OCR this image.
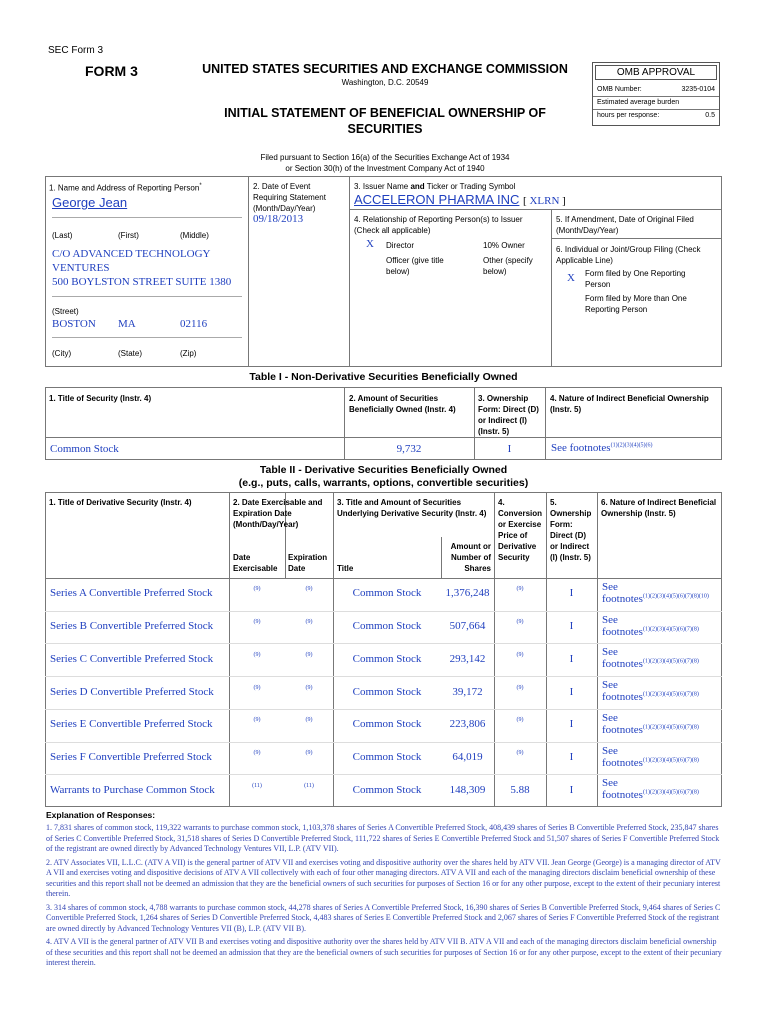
SEC Form 3
FORM 3	UNITED STATES SECURITIES AND EXCHANGE COMMISSION
Washington, D.C. 20549
INITIAL STATEMENT OF BENEFICIAL OWNERSHIP OF
SECURITIES
OMB APPROVAL
OMB Number:	3235-0104
Estimated average burden
hours per response:	0.5
Filed pursuant to Section 16(a) of the Securities Exchange Act of 1934
or Section 30(h) of the Investment Company Act of 1940
1. Name and Address of Reporting Person*
George Jean
(Last)	(First)	(Middle)
C/O ADVANCED TECHNOLOGY
VENTURES
500 BOYLSTON STREET SUITE 1380
(Street)
BOSTON MA	02116
(City)	(State)	(Zip)
2. Date of Event
Requiring Statement
(Month/Day/Year)
09/18/2013
3. Issuer Name and Ticker or Trading Symbol
ACCELERON PHARMA INC [ XLRN ]
4. Relationship of Reporting Person(s) to Issuer
(Check all applicable)
X Director	10% Owner
Officer (give title below)
Other (specify below)
5. If Amendment, Date of Original Filed
(Month/Day/Year)
6. Individual or Joint/Group Filing (Check
Applicable Line)
X Form filed by One Reporting Person
Form filed by More than One Reporting Person
Table I - Non-Derivative Securities Beneficially Owned
1. Title of Security (Instr. 4)	2. Amount of Securities Beneficially Owned (Instr. 4)
3. Ownership Form: Direct (D) or Indirect (I) (Instr. 5)
4. Nature of Indirect Beneficial Ownership (Instr. 5)
Common Stock	9,732	I	See footnotes$^{(1)(2)(3)(4)(5)(6)}$
Table II - Derivative Securities Beneficially Owned
(e.g., puts, calls, warrants, options, convertible securities)
1. Title of Derivative Security (Instr. 4)	2. Date Exercisable and Expiration Date (Month/Day/Year)
Date Exercisable
Expiration Date
3. Title and Amount of Securities Underlying Derivative Security (Instr. 4)
Title
Amount or Number of Shares
4. Conversion or Exercise Price of Derivative Security
5. Ownership Form: Direct (D) or Indirect (I) (Instr. 5)
6. Nature of Indirect Beneficial Ownership (Instr. 5)
Series A Convertible Preferred Stock	(9)	(9)	Common Stock	1,376,248	(9)	I
See
footnotes$^{(1)(2)(3)(4)(5)(6)(7)(8)(10)}$
Series B Convertible Preferred Stock	(9)	(9)	Common Stock	507,664	(9)	I
See
footnotes$^{(1)(2)(3)(4)(5)(6)(7)(8)}$
Series C Convertible Preferred Stock	(9)	(9)	Common Stock	293,142	(9)	I
See
footnotes$^{(1)(2)(3)(4)(5)(6)(7)(8)}$
Series D Convertible Preferred Stock	(9)	(9)	Common Stock	39,172	(9)	I
See
footnotes$^{(1)(2)(3)(4)(5)(6)(7)(8)}$
Series E Convertible Preferred Stock	(9)	(9)	Common Stock	223,806	(9)	I
See
footnotes$^{(1)(2)(3)(4)(5)(6)(7)(8)}$
Series F Convertible Preferred Stock	(9)	(9)	Common Stock	64,019	(9)	I
See
footnotes$^{(1)(2)(3)(4)(5)(6)(7)(8)}$
Warrants to Purchase Common Stock	(11)	(11)	Common Stock	148,309	5.88	I
See
footnotes$^{(1)(2)(3)(4)(5)(6)(7)(8)}$
Explanation of Responses:
1. 7,831 shares of common stock, 119,322 warrants to purchase common stock, 1,103,378 shares of Series A Convertible Preferred Stock, 408,439 shares of Series B Convertible Preferred Stock, 235,847 shares of Series C Convertible Preferred Stock, 31,518 shares of Series D Convertible Preferred Stock, 111,722 shares of Series E Convertible Preferred Stock and 51,507 shares of Series F Convertible Preferred Stock of the registrant are owned directly by Advanced Technology Ventures VII, L.P. (ATV VII).
2. ATV Associates VII, L.L.C. (ATV A VII) is the general partner of ATV VII and exercises voting and dispositive authority over the shares held by ATV VII. Jean George (George) is a managing director of ATV A VII and exercises voting and dispositive decisions of ATV A VII collectively with each of four other managing directors. ATV A VII and each of the managing directors disclaim beneficial ownership of these securities and this report shall not be deemed an admission that they are the beneficial owners of such securities for purposes of Section 16 or for any other purpose, except to the extent of their pecuniary interest therein.
3. 314 shares of common stock, 4,788 warrants to purchase common stock, 44,278 shares of Series A Convertible Preferred Stock, 16,390 shares of Series B Convertible Preferred Stock, 9,464 shares of Series C Convertible Preferred Stock, 1,264 shares of Series D Convertible Preferred Stock, 4,483 shares of Series E Convertible Preferred Stock and 2,067 shares of Series F Convertible Preferred Stock of the registrant are owned directly by Advanced Technology Ventures VII (B), L.P. (ATV VII B).
4. ATV A VII is the general partner of ATV VII B and exercises voting and dispositive authority over the shares held by ATV VII B. ATV A VII and each of the managing directors disclaim beneficial ownership of these securities and this report shall not be deemed an admission that they are the beneficial owners of such securities for purposes of Section 16 or for any other purpose, except to the extent of their pecuniary interest therein.
